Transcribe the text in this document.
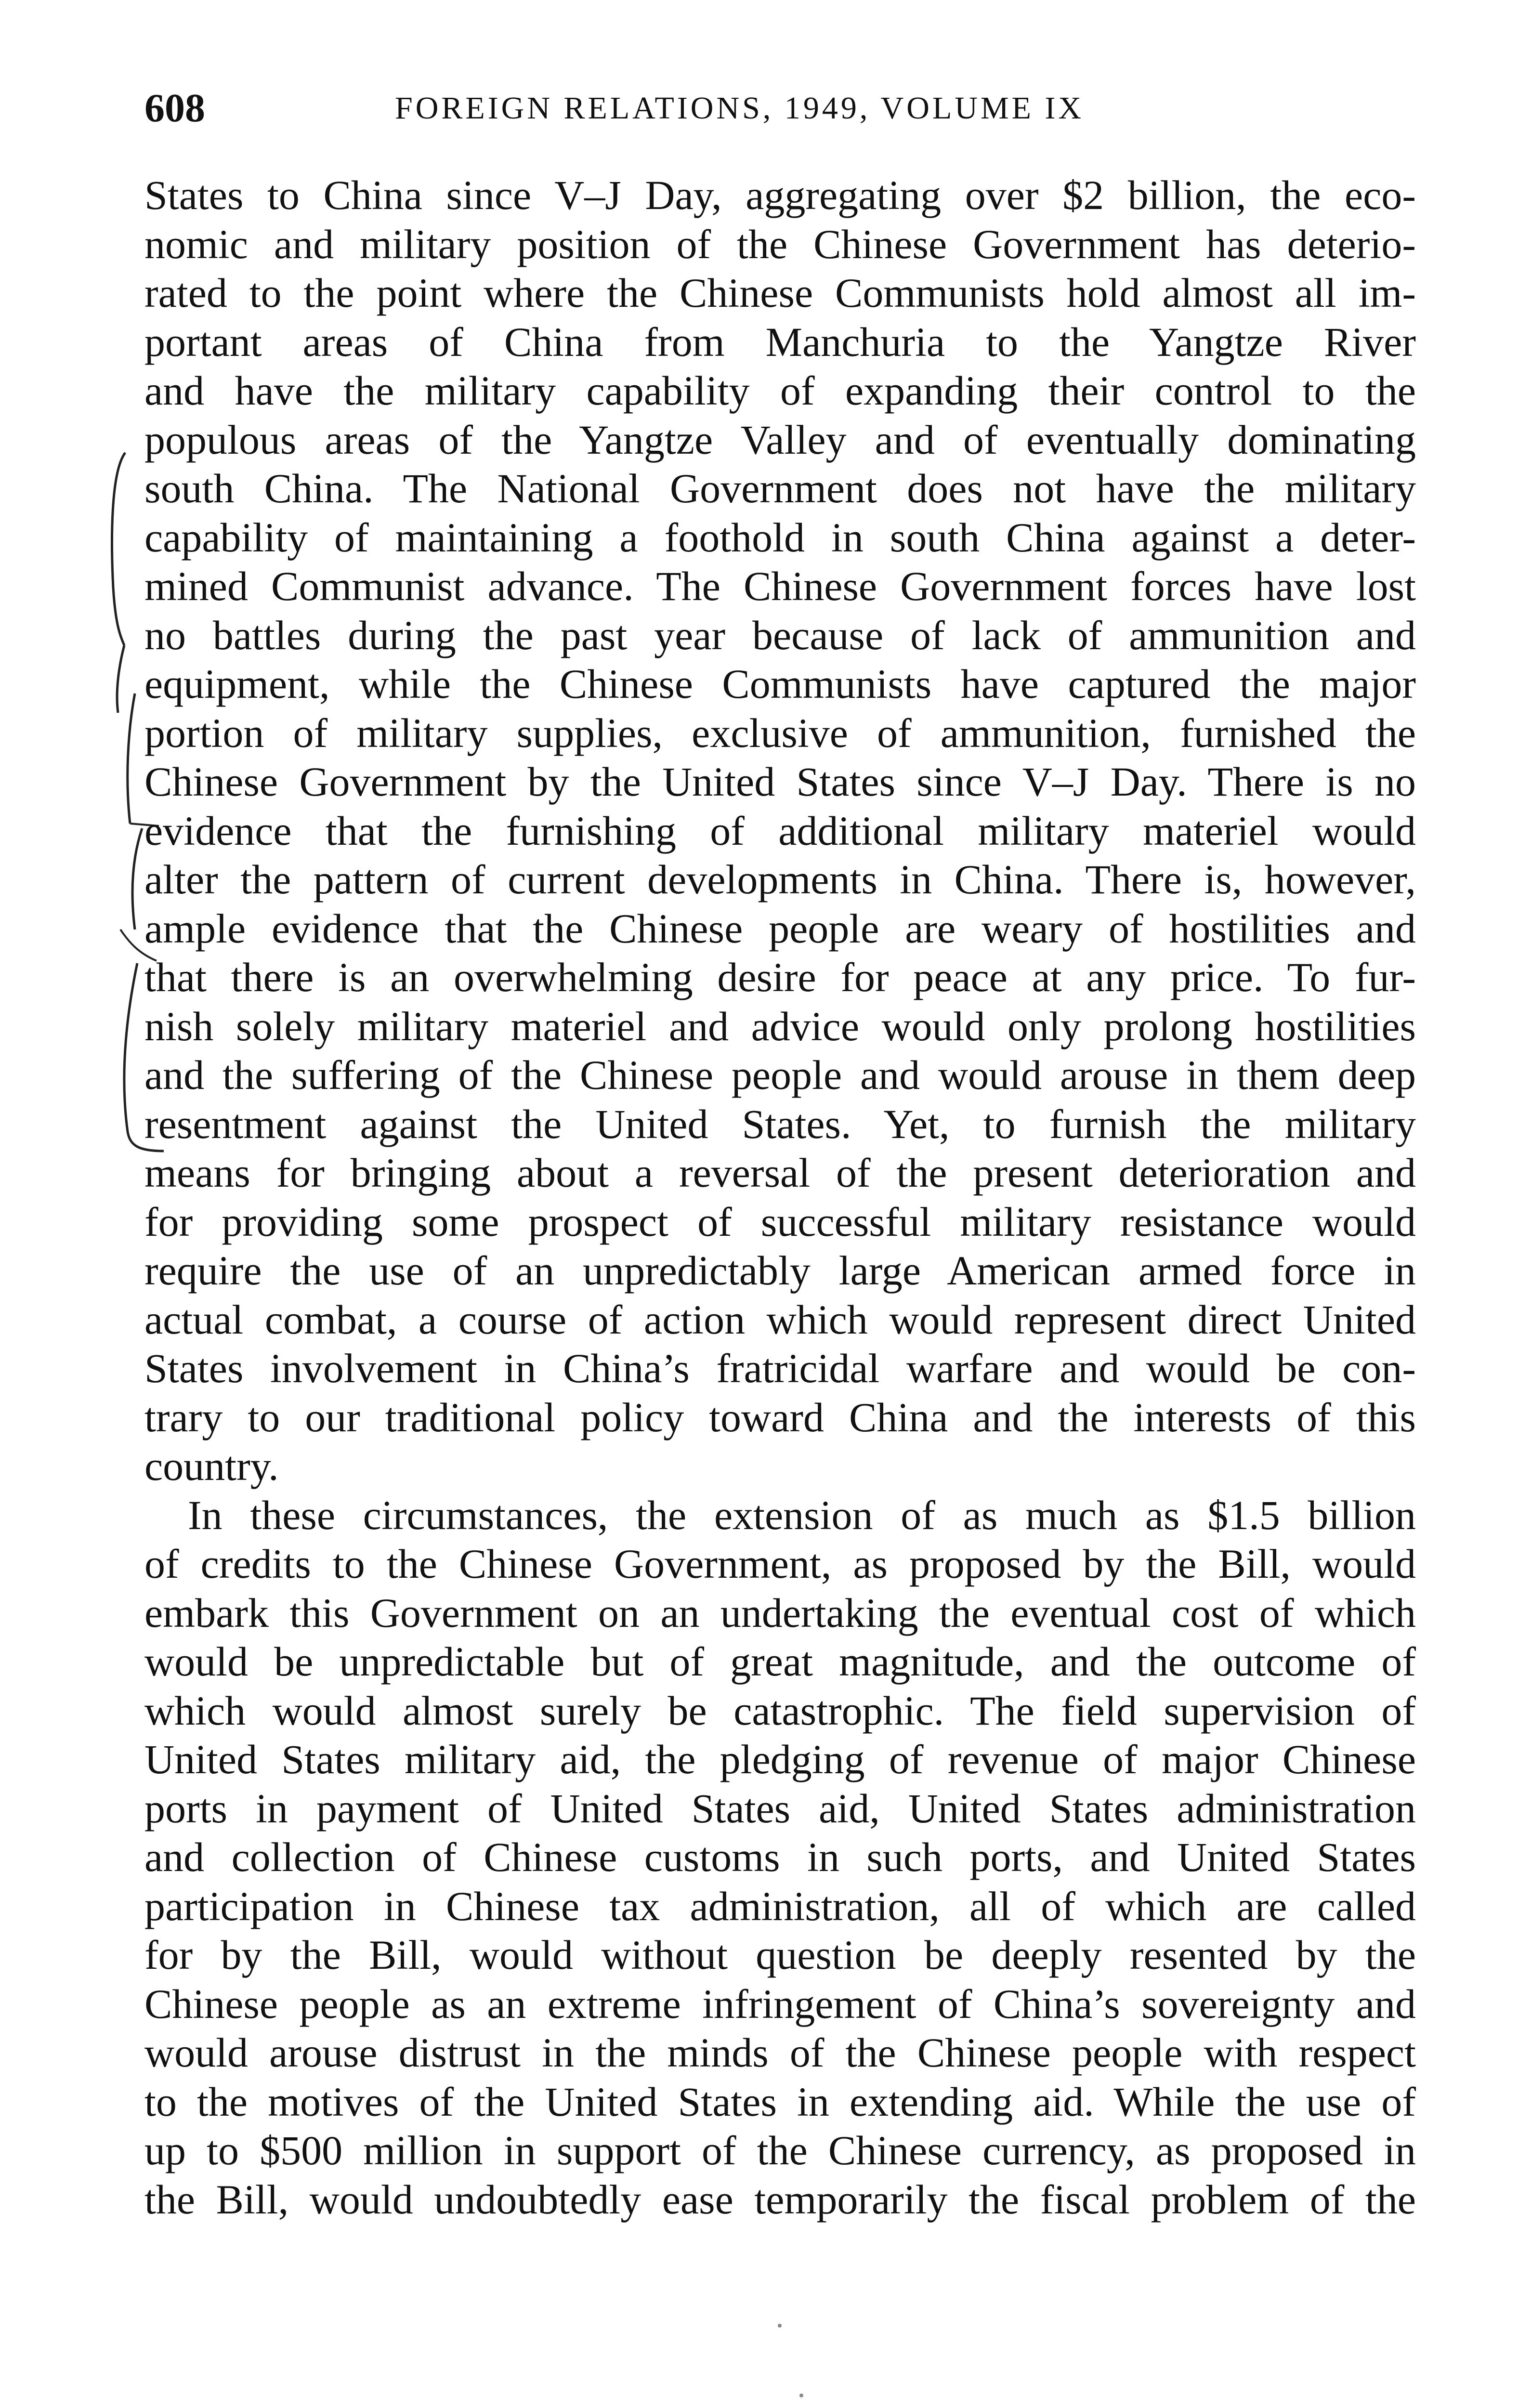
608	FOREIGN RELATIONS, 1949, VOLUME IX
States to China since V–J Day, aggregating over $2 billion, the eco-
nomic and military position of the Chinese Government has deterio-
rated to the point where the Chinese Communists hold almost all im-
portant areas of China from Manchuria to the Yangtze River
and have the military capability of expanding their control to the
populous areas of the Yangtze Valley and of eventually dominating
south China. The National Government does not have the military
capability of maintaining a foothold in south China against a deter-
mined Communist advance. The Chinese Government forces have lost
no battles during the past year because of lack of ammunition and
equipment, while the Chinese Communists have captured the major
portion of military supplies, exclusive of ammunition, furnished the
Chinese Government by the United States since V–J Day. There is no
evidence that the furnishing of additional military materiel would
alter the pattern of current developments in China. There is, however,
ample evidence that the Chinese people are weary of hostilities and
that there is an overwhelming desire for peace at any price. To fur-
nish solely military materiel and advice would only prolong hostilities
and the suffering of the Chinese people and would arouse in them deep
resentment against the United States. Yet, to furnish the military
means for bringing about a reversal of the present deterioration and
for providing some prospect of successful military resistance would
require the use of an unpredictably large American armed force in
actual combat, a course of action which would represent direct United
States involvement in China’s fratricidal warfare and would be con-
trary to our traditional policy toward China and the interests of this
country.
In these circumstances, the extension of as much as $1.5 billion
of credits to the Chinese Government, as proposed by the Bill, would
embark this Government on an undertaking the eventual cost of which
would be unpredictable but of great magnitude, and the outcome of
which would almost surely be catastrophic. The field supervision of
United States military aid, the pledging of revenue of major Chinese
ports in payment of United States aid, United States administration
and collection of Chinese customs in such ports, and United States
participation in Chinese tax administration, all of which are called
for by the Bill, would without question be deeply resented by the
Chinese people as an extreme infringement of China’s sovereignty and
would arouse distrust in the minds of the Chinese people with respect
to the motives of the United States in extending aid. While the use of
up to $500 million in support of the Chinese currency, as proposed in
the Bill, would undoubtedly ease temporarily the fiscal problem of the
